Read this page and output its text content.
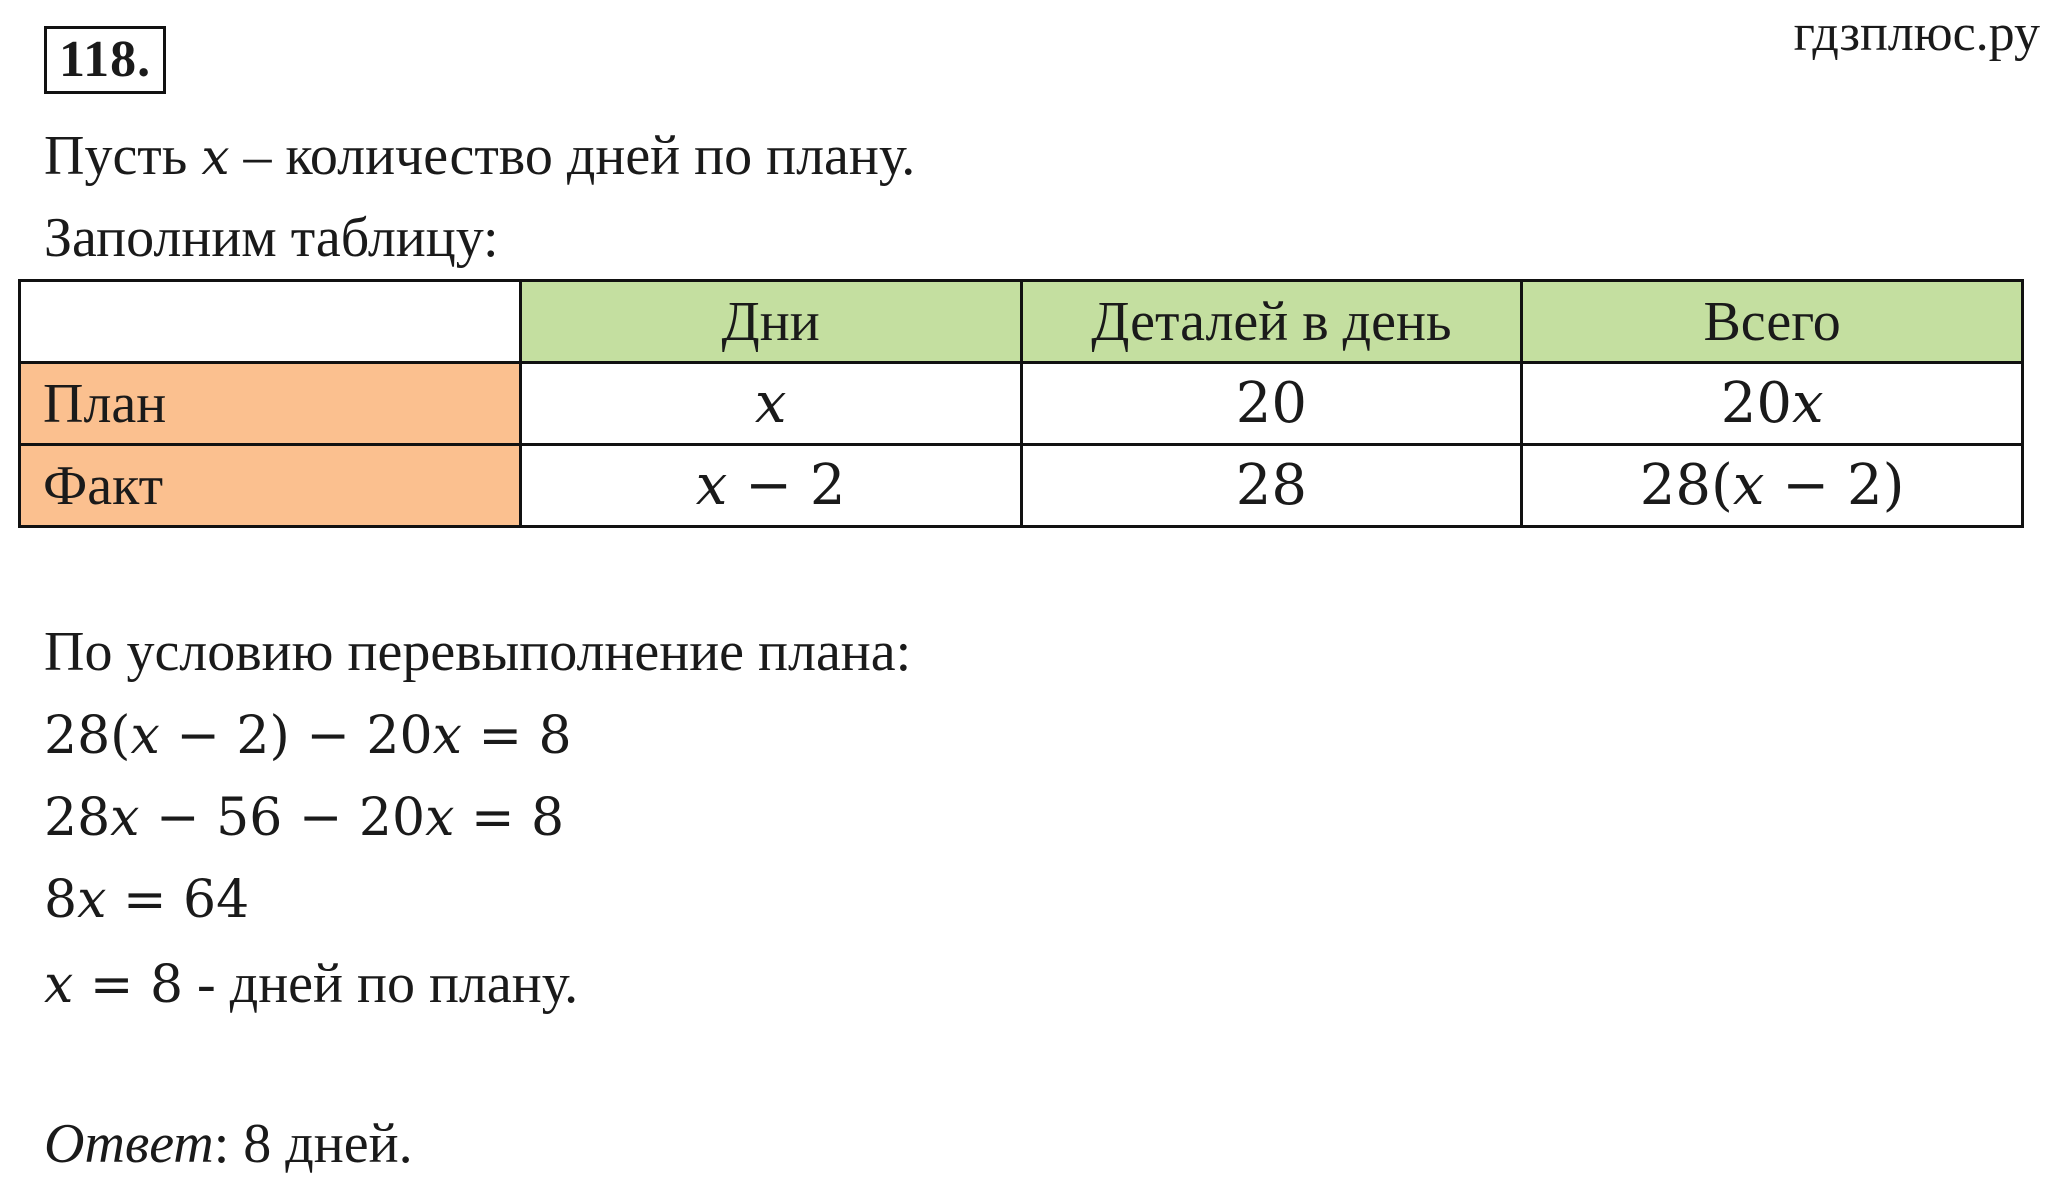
118.	гдзплюс.ру
Пусть x – количество дней по плану.
Заполним таблицу:
	Дни	Деталей в день	Всего
План	x	20	20x
Факт	x − 2	28	28(x − 2)
По условию перевыполнение плана:
28(x − 2) − 20x = 8
28x − 56 − 20x = 8
8x = 64
x = 8 - дней по плану.
Ответ: 8 дней.
